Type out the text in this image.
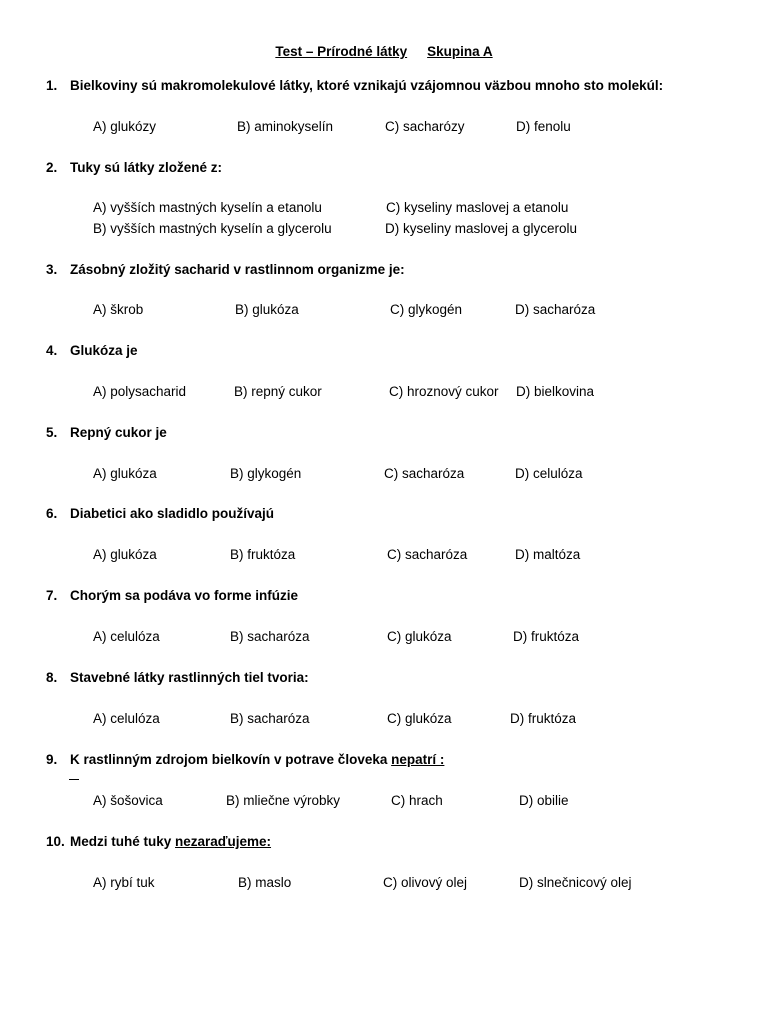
Test – Prírodné látky Skupina A
1. Bielkoviny sú makromolekulové látky, ktoré vznikajú vzájomnou väzbou mnoho sto molekúl:
A) glukózy	B) aminokyselín	C) sacharózy	D) fenolu
2. Tuky sú látky zložené z:
A) vyšších mastných kyselín a etanolu	C) kyseliny maslovej a etanolu
B) vyšších mastných kyselín a glycerolu	D) kyseliny maslovej a glycerolu
3. Zásobný zložitý sacharid v rastlinnom organizme je:
A) škrob	B) glukóza	C) glykogén	D) sacharóza
4. Glukóza je
A) polysacharid	B) repný cukor	C) hroznový cukor D) bielkovina
5. Repný cukor je
A) glukóza	B) glykogén	C) sacharóza	D) celulóza
6. Diabetici ako sladidlo používajú
A) glukóza	B) fruktóza	C) sacharóza	D) maltóza
7. Chorým sa podáva vo forme infúzie
A) celulóza	B) sacharóza	C) glukóza	D) fruktóza
8. Stavebné látky rastlinných tiel tvoria:
A) celulóza	B) sacharóza	C) glukóza	D) fruktóza
9. K rastlinným zdrojom bielkovín v potrave človeka nepatrí :
A) šošovica	B) mliečne výrobky	C) hrach	D) obilie
10. Medzi tuhé tuky nezaraďujeme:
A) rybí tuk	B) maslo	C) olivový olej	D) slnečnicový olej
